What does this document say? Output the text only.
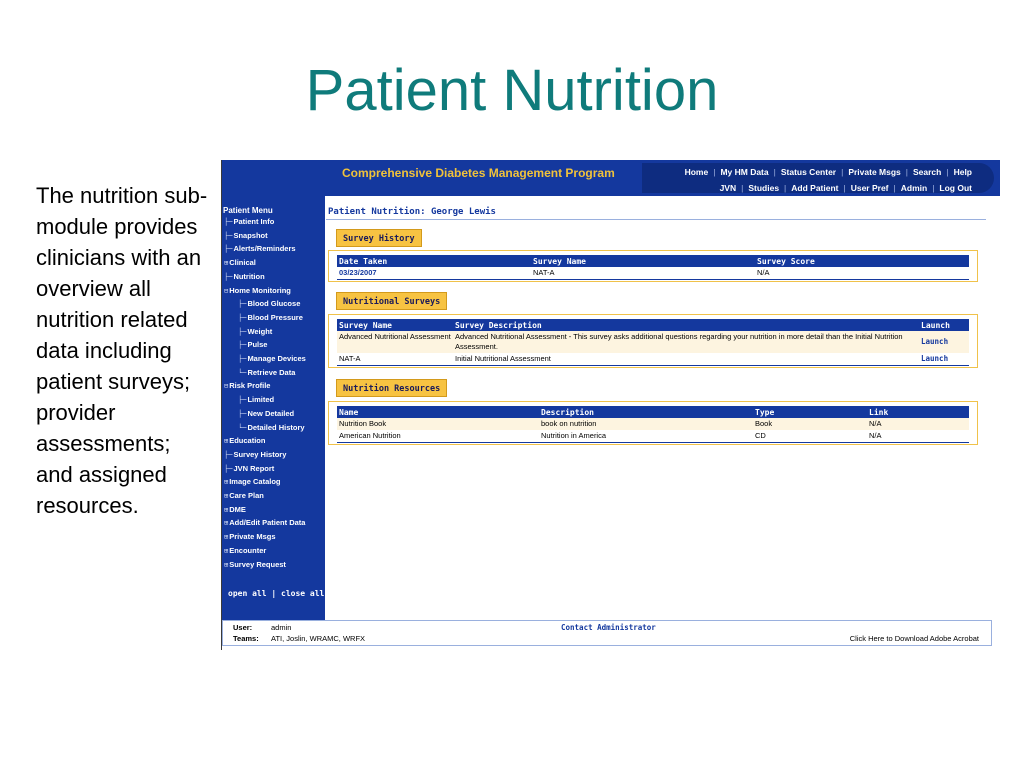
Patient Nutrition
The nutrition sub-module provides clinicians with an overview all nutrition related data including patient surveys; provider assessments; and assigned resources.
Comprehensive Diabetes Management Program	Home | My HM Data | Status Center | Private Msgs | Search | Help
JVN | Studies | Add Patient | User Pref | Admin | Log Out
Patient Menu
├─Patient Info
├─Snapshot
├─Alerts/Reminders
⊞Clinical
├─Nutrition
⊟Home Monitoring
├─Blood Glucose
├─Blood Pressure
├─Weight
├─Pulse
├─Manage Devices
└─Retrieve Data
⊟Risk Profile
├─Limited
├─New Detailed
└─Detailed History
⊞Education
├─Survey History
├─JVN Report
⊞Image Catalog
⊞Care Plan
⊞DME
⊞Add/Edit Patient Data
⊞Private Msgs
⊞Encounter
⊞Survey Request
open all | close all
Patient Nutrition: George Lewis
Survey History
Date Taken	Survey Name	Survey Score
03/23/2007	NAT-A	N/A
Nutritional Surveys
Survey Name	Survey Description	Launch
Advanced Nutritional Assessment	Advanced Nutritional Assessment - This survey asks additional questions regarding your nutrition in more detail than the Initial Nutrition Assessment.	Launch
NAT-A	Initial Nutritional Assessment	Launch
Nutrition Resources
Name	Description	Type	Link
Nutrition Book	book on nutrition	Book	N/A
American Nutrition	Nutrition in America	CD	N/A
User:	admin
Teams: ATI, Joslin, WRAMC, WRFX
Contact Administrator
Click Here to Download Adobe Acrobat
